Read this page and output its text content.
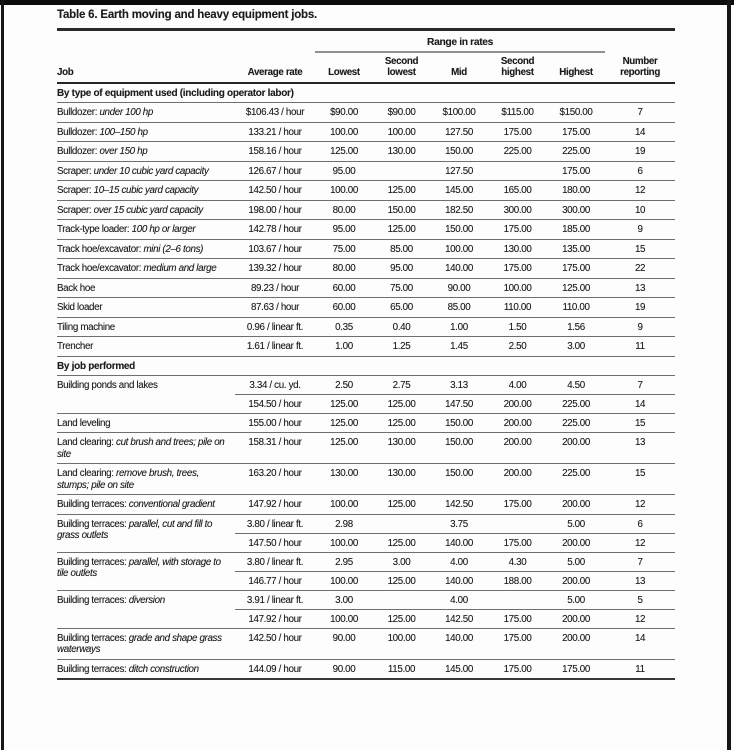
Table 6. Earth moving and heavy equipment jobs.
		Range in rates					
Job	Average rate	Lowest	Second lowest	Mid	Second highest	Highest	Number reporting
By type of equipment used (including operator labor)							
Bulldozer: under 100 hp	$106.43 / hour	$90.00	$90.00	$100.00	$115.00	$150.00	7
Bulldozer: 100–150 hp	133.21 / hour	100.00	100.00	127.50	175.00	175.00	14
Bulldozer: over 150 hp	158.16 / hour	125.00	130.00	150.00	225.00	225.00	19
Scraper: under 10 cubic yard capacity	126.67 / hour	95.00		127.50		175.00	6
Scraper: 10–15 cubic yard capacity	142.50 / hour	100.00	125.00	145.00	165.00	180.00	12
Scraper: over 15 cubic yard capacity	198.00 / hour	80.00	150.00	182.50	300.00	300.00	10
Track-type loader: 100 hp or larger	142.78 / hour	95.00	125.00	150.00	175.00	185.00	9
Track hoe/excavator: mini (2–6 tons)	103.67 / hour	75.00	85.00	100.00	130.00	135.00	15
Track hoe/excavator: medium and large	139.32 / hour	80.00	95.00	140.00	175.00	175.00	22
Back hoe	89.23 / hour	60.00	75.00	90.00	100.00	125.00	13
Skid loader	87.63 / hour	60.00	65.00	85.00	110.00	110.00	19
Tiling machine	0.96 / linear ft.	0.35	0.40	1.00	1.50	1.56	9
Trencher	1.61 / linear ft.	1.00	1.25	1.45	2.50	3.00	11
By job performed							
Building ponds and lakes	3.34 / cu. yd.	2.50	2.75	3.13	4.00	4.50	7
	154.50 / hour	125.00	125.00	147.50	200.00	225.00	14
Land leveling	155.00 / hour	125.00	125.00	150.00	200.00	225.00	15
Land clearing: cut brush and trees; pile on site	158.31 / hour	125.00	130.00	150.00	200.00	200.00	13
Land clearing: remove brush, trees, stumps; pile on site	163.20 / hour	130.00	130.00	150.00	200.00	225.00	15
Building terraces: conventional gradient	147.92 / hour	100.00	125.00	142.50	175.00	200.00	12
Building terraces: parallel, cut and fill to grass outlets	3.80 / linear ft.	2.98		3.75		5.00	6
	147.50 / hour	100.00	125.00	140.00	175.00	200.00	12
Building terraces: parallel, with storage to tile outlets	3.80 / linear ft.	2.95	3.00	4.00	4.30	5.00	7
	146.77 / hour	100.00	125.00	140.00	188.00	200.00	13
Building terraces: diversion	3.91 / linear ft.	3.00		4.00		5.00	5
	147.92 / hour	100.00	125.00	142.50	175.00	200.00	12
Building terraces: grade and shape grass waterways	142.50 / hour	90.00	100.00	140.00	175.00	200.00	14
Building terraces: ditch construction	144.09 / hour	90.00	115.00	145.00	175.00	175.00	11
